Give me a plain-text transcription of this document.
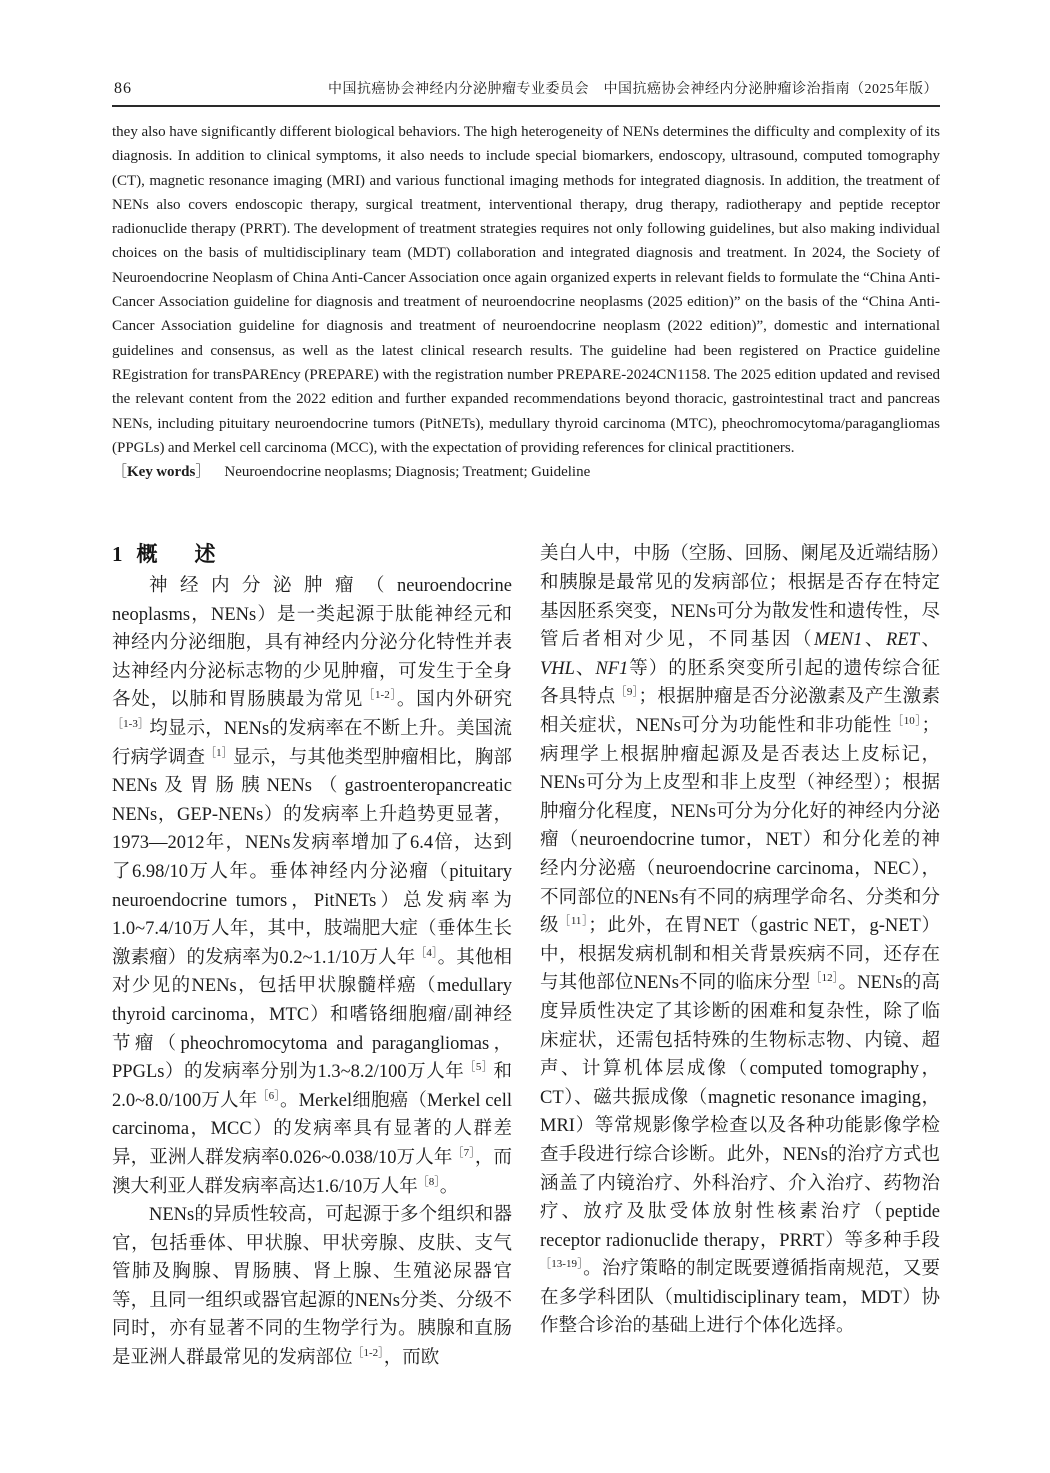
86	中国抗癌协会神经内分泌肿瘤专业委员会　中国抗癌协会神经内分泌肿瘤诊治指南（2025年版）

they also have significantly different biological behaviors. The high heterogeneity of NENs determines the difficulty and complexity of its diagnosis. In addition to clinical symptoms, it also needs to include special biomarkers, endoscopy, ultrasound, computed tomography (CT), magnetic resonance imaging (MRI) and various functional imaging methods for integrated diagnosis. In addition, the treatment of NENs also covers endoscopic therapy, surgical treatment, interventional therapy, drug therapy, radiotherapy and peptide receptor radionuclide therapy (PRRT). The development of treatment strategies requires not only following guidelines, but also making individual choices on the basis of multidisciplinary team (MDT) collaboration and integrated diagnosis and treatment. In 2024, the Society of Neuroendocrine Neoplasm of China Anti-Cancer Association once again organized experts in relevant fields to formulate the “China Anti-Cancer Association guideline for diagnosis and treatment of neuroendocrine neoplasms (2025 edition)” on the basis of the “China Anti-Cancer Association guideline for diagnosis and treatment of neuroendocrine neoplasm (2022 edition)”, domestic and international guidelines and consensus, as well as the latest clinical research results. The guideline had been registered on Practice guideline REgistration for transPAREncy (PREPARE) with the registration number PREPARE-2024CN1158. The 2025 edition updated and revised the relevant content from the 2022 edition and further expanded recommendations beyond thoracic, gastrointestinal tract and pancreas NENs, including pituitary neuroendocrine tumors (PitNETs), medullary thyroid carcinoma (MTC), pheochromocytoma/paragangliomas (PPGLs) and Merkel cell carcinoma (MCC), with the expectation of providing references for clinical practitioners.

［Key words］ Neuroendocrine neoplasms; Diagnosis; Treatment; Guideline

1 概　述

神经内分泌肿瘤（neuroendocrine neoplasms，NENs）是一类起源于肽能神经元和神经内分泌细胞，具有神经内分泌分化特性并表达神经内分泌标志物的少见肿瘤，可发生于全身各处，以肺和胃肠胰最为常见$^{[1-2]}$。国内外研究$^{[1-3]}$均显示，NENs的发病率在不断上升。美国流行病学调查$^{[1]}$显示，与其他类型肿瘤相比，胸部NENs及胃肠胰NENs（gastroenteropancreatic NENs，GEP-NENs）的发病率上升趋势更显著，1973—2012年，NENs发病率增加了6.4倍，达到了6.98/10万人年。垂体神经内分泌瘤（pituitary neuroendocrine tumors，PitNETs）总发病率为1.0~7.4/10万人年，其中，肢端肥大症（垂体生长激素瘤）的发病率为0.2~1.1/10万人年$^{[4]}$。其他相对少见的NENs，包括甲状腺髓样癌（medullary thyroid carcinoma，MTC）和嗜铬细胞瘤/副神经节瘤（pheochromocytoma and paragangliomas，PPGLs）的发病率分别为1.3~8.2/100万人年$^{[5]}$和2.0~8.0/100万人年$^{[6]}$。Merkel细胞癌（Merkel cell carcinoma，MCC）的发病率具有显著的人群差异，亚洲人群发病率0.026~0.038/10万人年$^{[7]}$，而澳大利亚人群发病率高达1.6/10万人年$^{[8]}$。

NENs的异质性较高，可起源于多个组织和器官，包括垂体、甲状腺、甲状旁腺、皮肤、支气管肺及胸腺、胃肠胰、肾上腺、生殖泌尿器官等，且同一组织或器官起源的NENs分类、分级不同时，亦有显著不同的生物学行为。胰腺和直肠是亚洲人群最常见的发病部位$^{[1-2]}$，而欧

美白人中，中肠（空肠、回肠、阑尾及近端结肠）和胰腺是最常见的发病部位；根据是否存在特定基因胚系突变，NENs可分为散发性和遗传性，尽管后者相对少见，不同基因（MEN1、RET、VHL、NF1等）的胚系突变所引起的遗传综合征各具特点$^{[9]}$；根据肿瘤是否分泌激素及产生激素相关症状，NENs可分为功能性和非功能性$^{[10]}$；病理学上根据肿瘤起源及是否表达上皮标记，NENs可分为上皮型和非上皮型（神经型）；根据肿瘤分化程度，NENs可分为分化好的神经内分泌瘤（neuroendocrine tumor，NET）和分化差的神经内分泌癌（neuroendocrine carcinoma，NEC），不同部位的NENs有不同的病理学命名、分类和分级$^{[11]}$；此外，在胃NET（gastric NET，g-NET）中，根据发病机制和相关背景疾病不同，还存在与其他部位NENs不同的临床分型$^{[12]}$。NENs的高度异质性决定了其诊断的困难和复杂性，除了临床症状，还需包括特殊的生物标志物、内镜、超声、计算机体层成像（computed tomography，CT）、磁共振成像（magnetic resonance imaging，MRI）等常规影像学检查以及各种功能影像学检查手段进行综合诊断。此外，NENs的治疗方式也涵盖了内镜治疗、外科治疗、介入治疗、药物治疗、放疗及肽受体放射性核素治疗（peptide receptor radionuclide therapy，PRRT）等多种手段$^{[13-19]}$。治疗策略的制定既要遵循指南规范，又要在多学科团队（multidisciplinary team，MDT）协作整合诊治的基础上进行个体化选择。
